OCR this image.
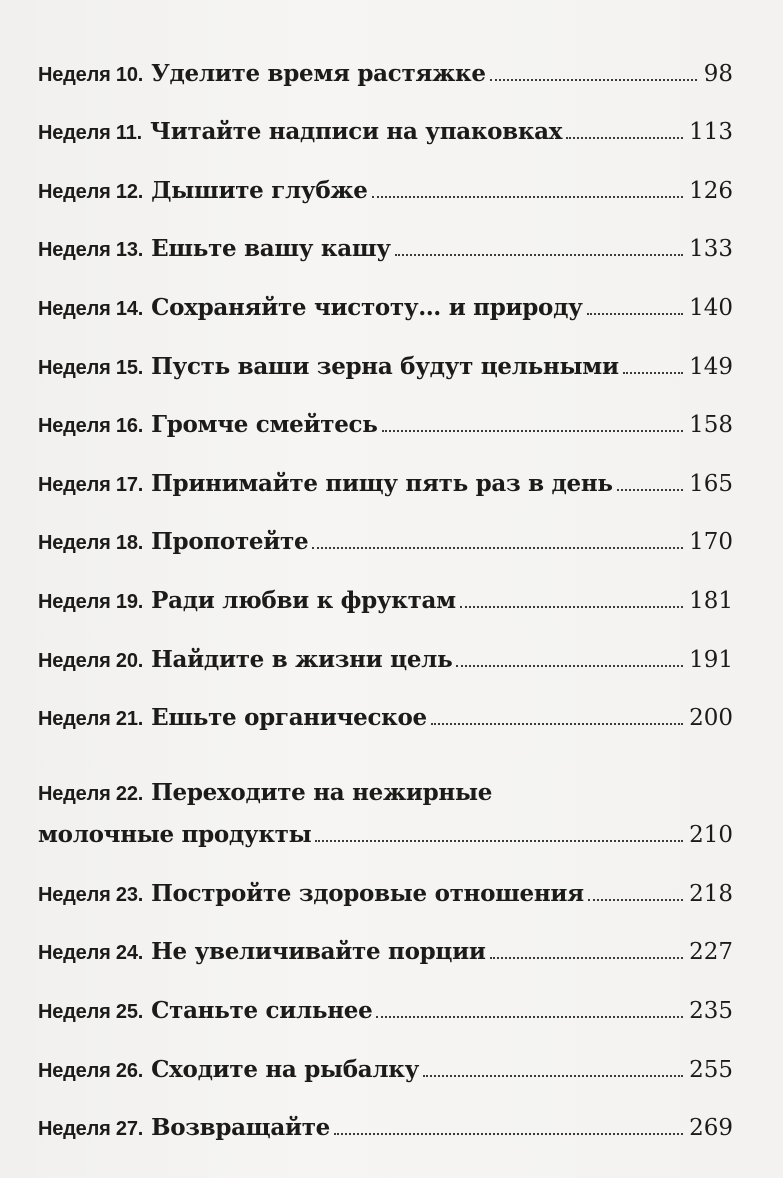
Неделя 10. Уделите время растяжке	98
Неделя 11. Читайте надписи на упаковках	113
Неделя 12. Дышите глубже	126
Неделя 13. Ешьте вашу кашу	133
Неделя 14. Сохраняйте чистоту… и природу	140
Неделя 15. Пусть ваши зерна будут цельными	149
Неделя 16. Громче смейтесь	158
Неделя 17. Принимайте пищу пять раз в день	165
Неделя 18. Пропотейте	170
Неделя 19. Ради любви к фруктам	181
Неделя 20. Найдите в жизни цель	191
Неделя 21. Ешьте органическое	200
Неделя 22. Переходите на нежирные
молочные продукты	210
Неделя 23. Постройте здоровые отношения	218
Неделя 24. Не увеличивайте порции	227
Неделя 25. Станьте сильнее	235
Неделя 26. Сходите на рыбалку	255
Неделя 27. Возвращайте	269
